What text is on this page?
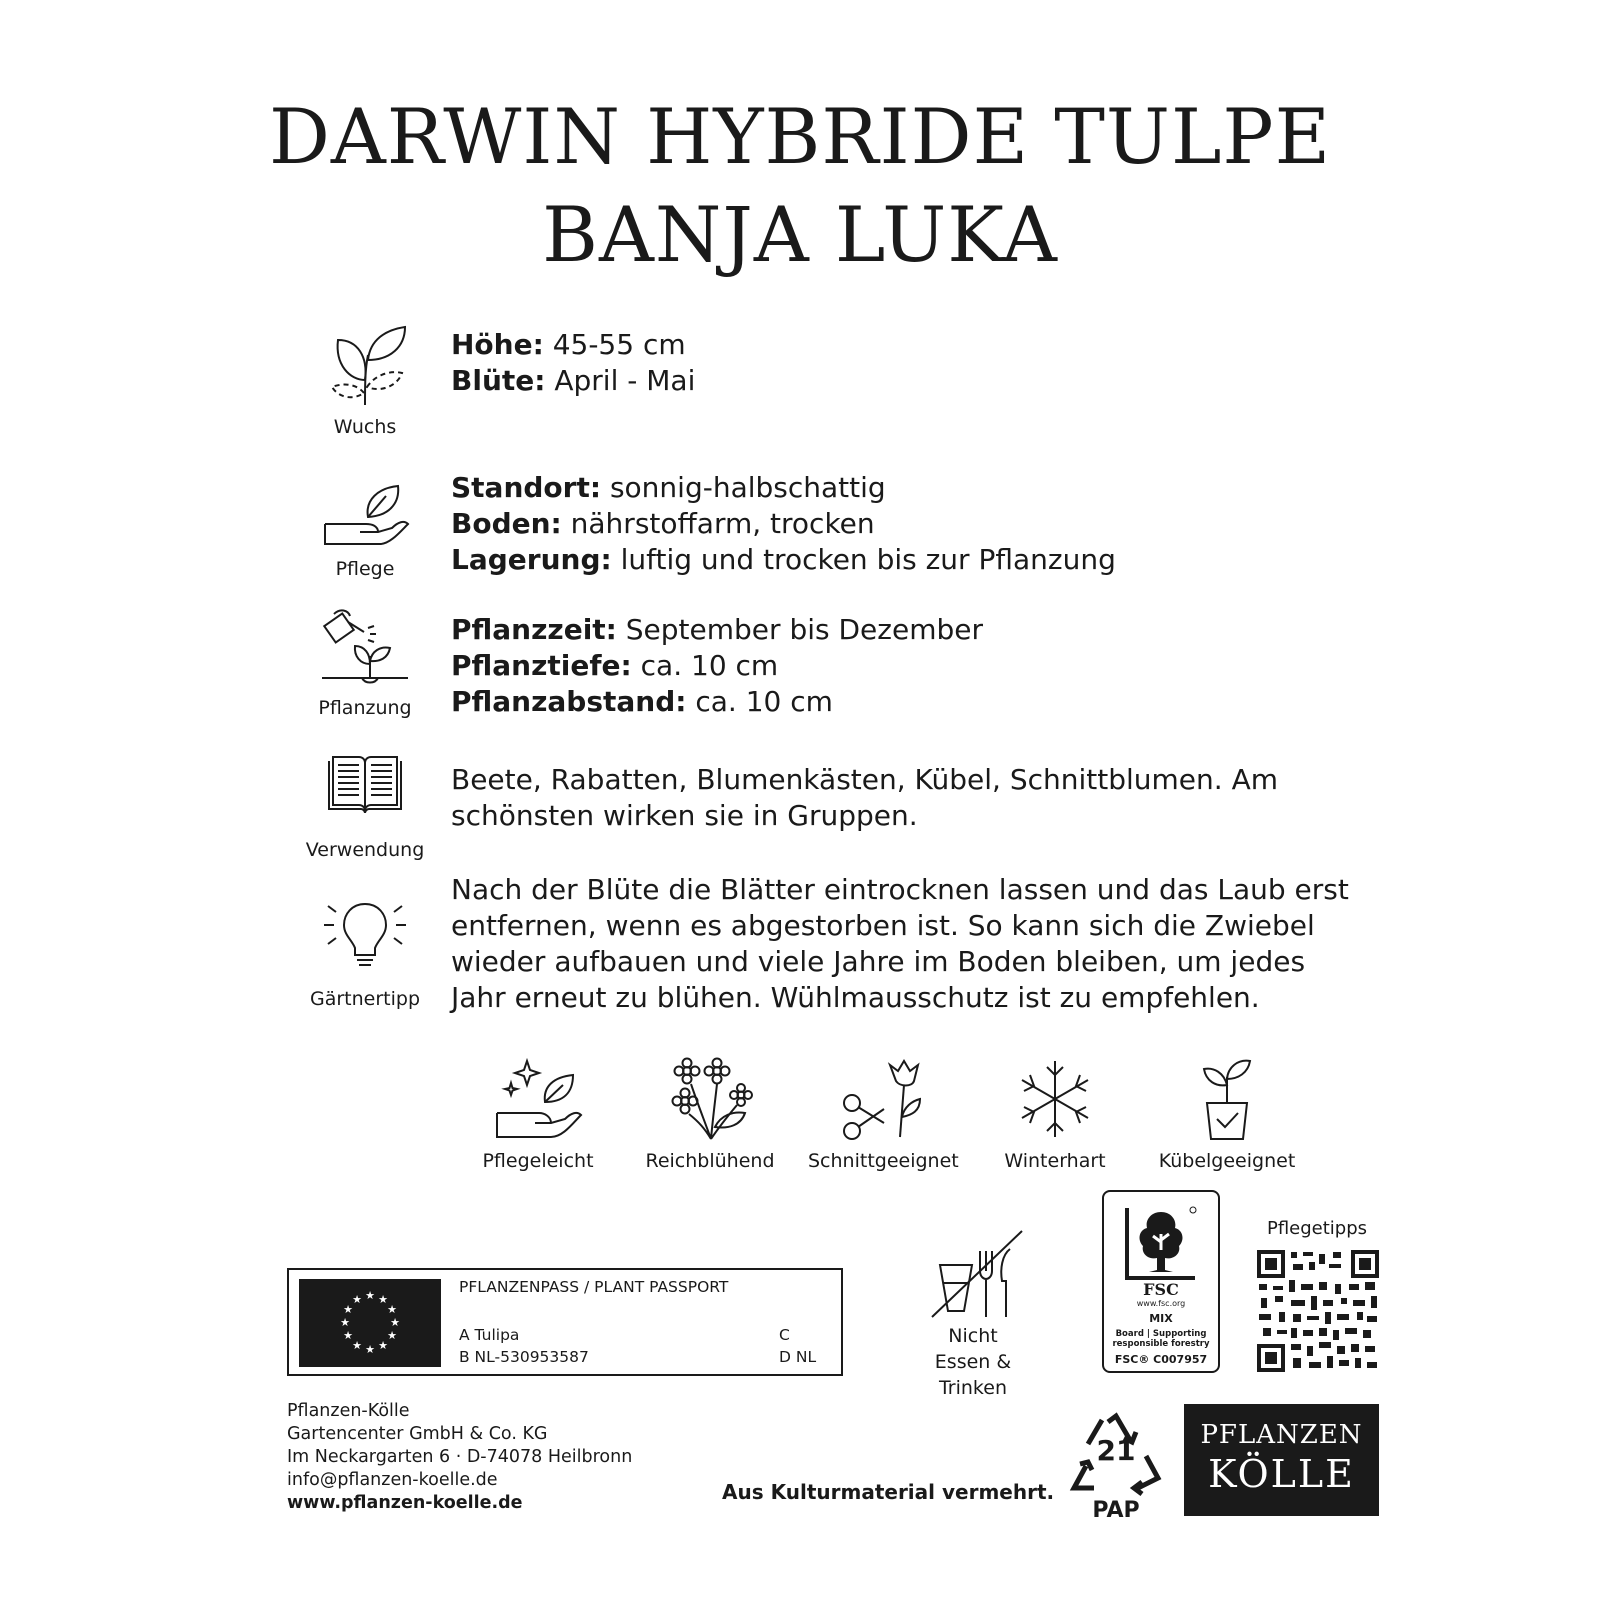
DARWIN HYBRIDE TULPE
BANJA LUKA
Wuchs
Höhe: 45-55 cm
Blüte: April - Mai
Pflege
Standort: sonnig-halbschattig
Boden: nährstoffarm, trocken
Lagerung: luftig und trocken bis zur Pflanzung
Pflanzung
Pflanzzeit: September bis Dezember
Pflanztiefe: ca. 10 cm
Pflanzabstand: ca. 10 cm
Verwendung
Beete, Rabatten, Blumenkästen, Kübel, Schnittblumen. Am schönsten wirken sie in Gruppen.
Gärtnertipp
Nach der Blüte die Blätter eintrocknen lassen und das Laub erst entfernen, wenn es abgestorben ist. So kann sich die Zwiebel wieder aufbauen und viele Jahre im Boden bleiben, um jedes Jahr erneut zu blühen. Wühlmausschutz ist zu empfehlen.
Pflegeleicht	Reichblühend	Schnittgeeignet	Winterhart	Kübelgeeignet
★ ★
★
★
★
★
★
★
★
★
★
★
PFLANZENPASS / PLANT PASSPORT
A Tulipa
B NL-530953587
C
D NL
Nicht
Essen & Trinken
FSC
www.fsc.org
MIX
Board | Supporting
responsible forestry
FSC® C007957
Pflegetipps
Pflanzen-Kölle
Gartencenter GmbH & Co. KG
Im Neckargarten 6 · D-74078 Heilbronn
info@pflanzen-koelle.de
www.pflanzen-koelle.de	Aus Kulturmaterial vermehrt.
21
PAP
PFLANZEN
KÖLLE
